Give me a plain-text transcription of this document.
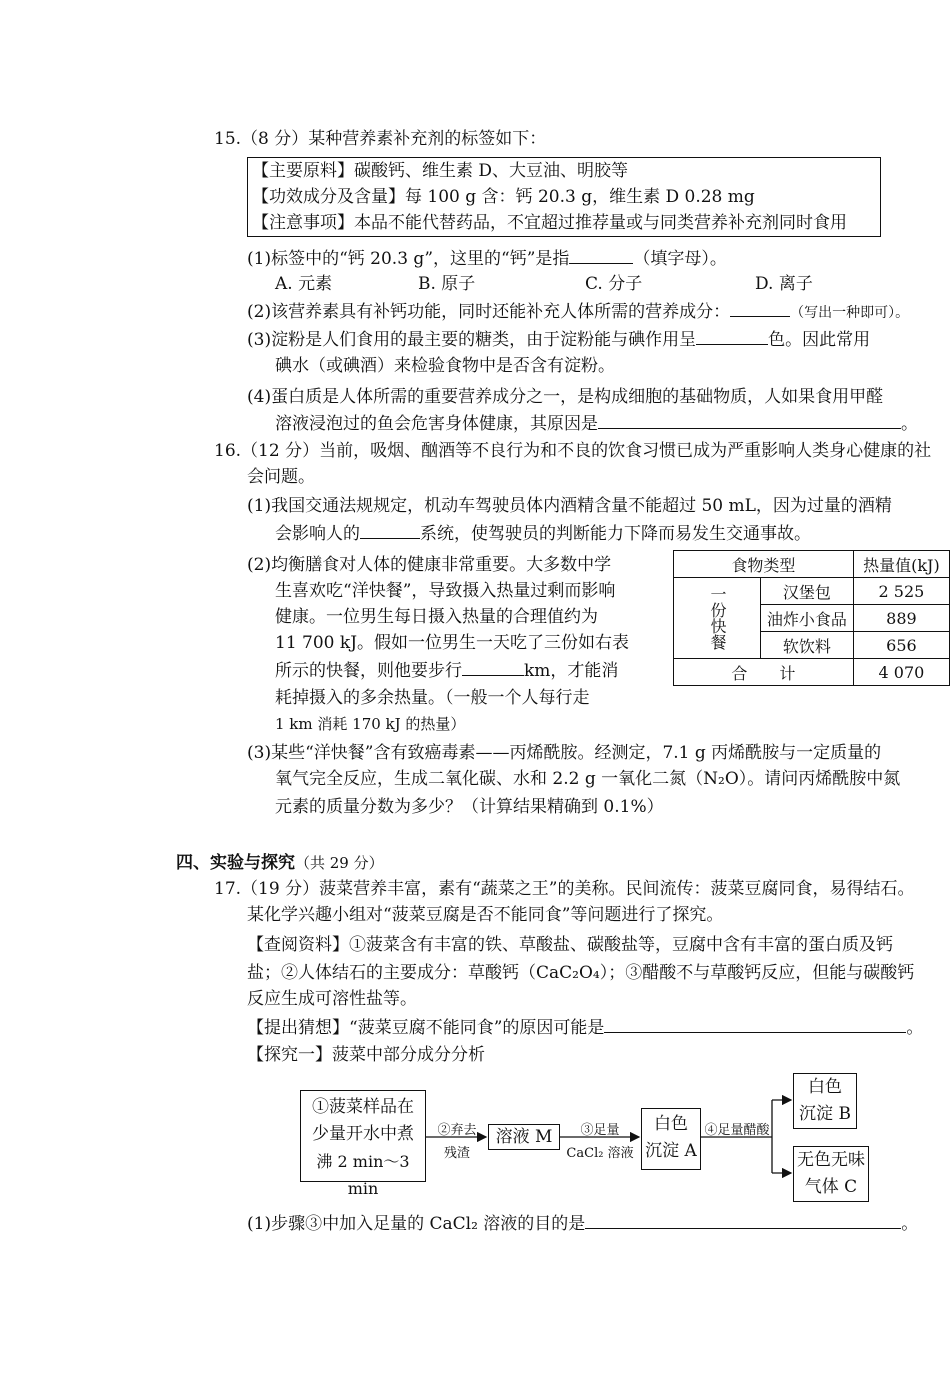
15.（8 分）某种营养素补充剂的标签如下：
【主要原料】碳酸钙、维生素 D、大豆油、明胶等
【功效成分及含量】每 100 g 含：钙 20.3 g，维生素 D 0.28 mg
【注意事项】本品不能代替药品，不宜超过推荐量或与同类营养补充剂同时食用
(1)标签中的“钙 20.3 g”，这里的“钙”是指	（填字母）。
A. 元素	B. 原子	C. 分子	D. 离子
(2)该营养素具有补钙功能，同时还能补充人体所需的营养成分：	（写出一种即可）。
(3)淀粉是人们食用的最主要的糖类，由于淀粉能与碘作用呈	色。因此常用
碘水（或碘酒）来检验食物中是否含有淀粉。
(4)蛋白质是人体所需的重要营养成分之一，是构成细胞的基础物质，人如果食用甲醛
溶液浸泡过的鱼会危害身体健康，其原因是	。
16.（12 分）当前，吸烟、酗酒等不良行为和不良的饮食习惯已成为严重影响人类身心健康的社
会问题。
(1)我国交通法规规定，机动车驾驶员体内酒精含量不能超过 50 mL，因为过量的酒精
会影响人的	系统，使驾驶员的判断能力下降而易发生交通事故。
(2)均衡膳食对人体的健康非常重要。大多数中学
生喜欢吃“洋快餐”，导致摄入热量过剩而影响
健康。一位男生每日摄入热量的合理值约为
11 700 kJ。假如一位男生一天吃了三份如右表
所示的快餐，则他要步行	km，才能消
耗掉摄入的多余热量。（一般一个人每行走
1 km 消耗 170 kJ 的热量）
食物类型		热量值(kJ)
一份快餐	汉堡包	2 525
	油炸小食品	889
	软饮料	656
合　　计		4 070
(3)某些“洋快餐”含有致癌毒素——丙烯酰胺。经测定，7.1 g 丙烯酰胺与一定质量的
氧气完全反应，生成二氧化碳、水和 2.2 g 一氧化二氮（N₂O）。请问丙烯酰胺中氮
元素的质量分数为多少？（计算结果精确到 0.1%）
四、实验与探究（共 29 分）
17.（19 分）菠菜营养丰富，素有“蔬菜之王”的美称。民间流传：菠菜豆腐同食，易得结石。
某化学兴趣小组对“菠菜豆腐是否不能同食”等问题进行了探究。
【查阅资料】①菠菜含有丰富的铁、草酸盐、碳酸盐等，豆腐中含有丰富的蛋白质及钙
盐；②人体结石的主要成分：草酸钙（CaC₂O₄）；③醋酸不与草酸钙反应，但能与碳酸钙
反应生成可溶性盐等。
【提出猜想】“菠菜豆腐不能同食”的原因可能是	。
【探究一】菠菜中部分成分分析
①菠菜样品在
少量开水中煮
沸 2 min～3 min
②弃去
残渣
溶液 M	③足量
CaCl₂ 溶液
白色
沉淀 A
④足量醋酸
白色
沉淀 B
无色无味
气体 C
(1)步骤③中加入足量的 CaCl₂ 溶液的目的是	。
